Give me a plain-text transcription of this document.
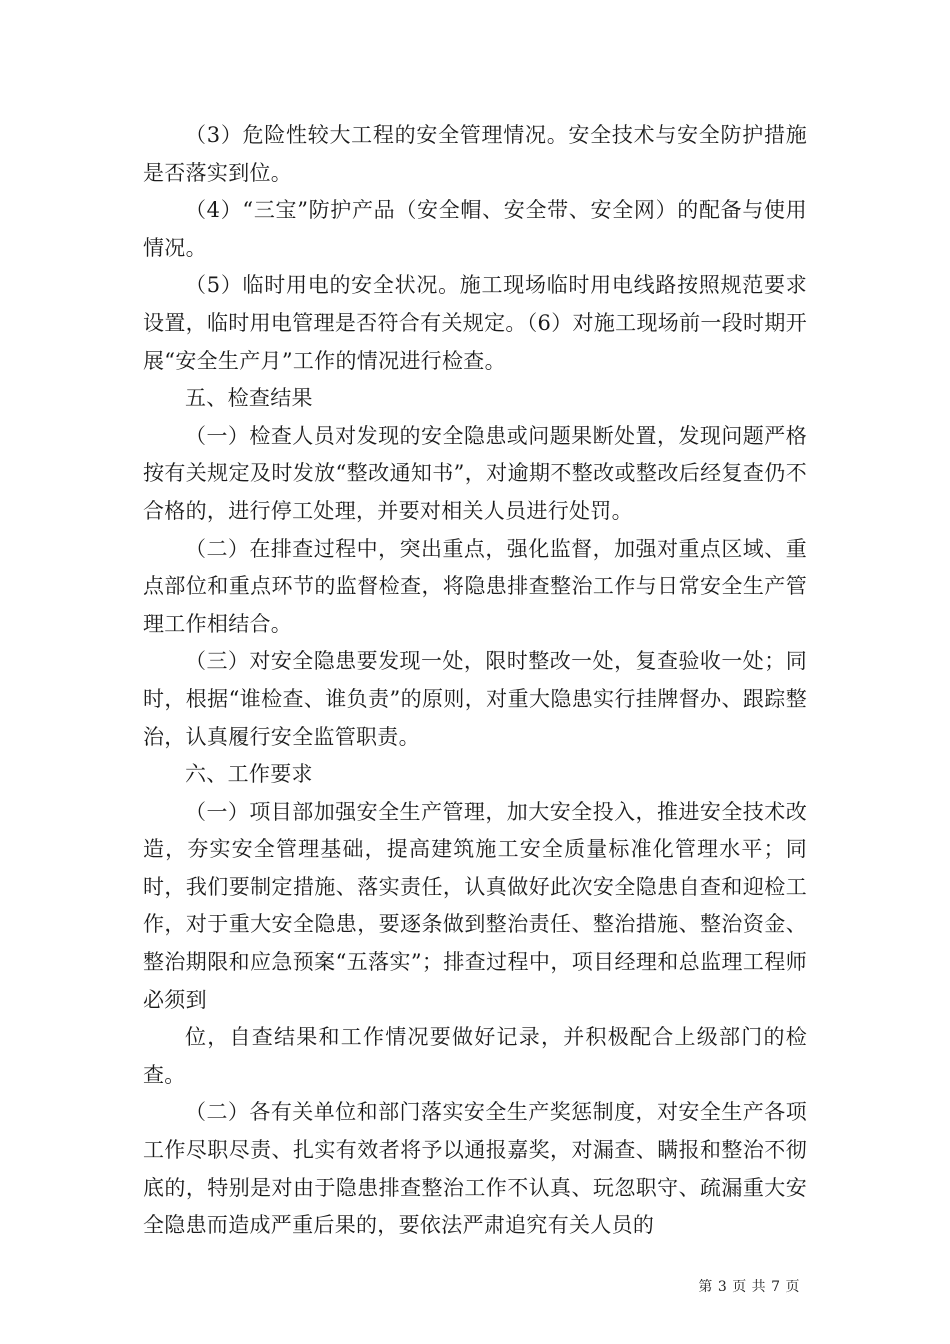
（3）危险性较大工程的安全管理情况。安全技术与安全防护措施是否落实到位。

（4）“三宝”防护产品（安全帽、安全带、安全网）的配备与使用情况。

（5）临时用电的安全状况。施工现场临时用电线路按照规范要求设置，临时用电管理是否符合有关规定。（6）对施工现场前一段时期开展“安全生产月”工作的情况进行检查。

五、检查结果

（一）检查人员对发现的安全隐患或问题果断处置，发现问题严格按有关规定及时发放“整改通知书”，对逾期不整改或整改后经复查仍不合格的，进行停工处理，并要对相关人员进行处罚。

（二）在排查过程中，突出重点，强化监督，加强对重点区域、重点部位和重点环节的监督检查，将隐患排查整治工作与日常安全生产管理工作相结合。

（三）对安全隐患要发现一处，限时整改一处，复查验收一处；同时，根据“谁检查、谁负责”的原则，对重大隐患实行挂牌督办、跟踪整治，认真履行安全监管职责。

六、工作要求

（一）项目部加强安全生产管理，加大安全投入，推进安全技术改造，夯实安全管理基础，提高建筑施工安全质量标准化管理水平；同时，我们要制定措施、落实责任，认真做好此次安全隐患自查和迎检工作，对于重大安全隐患，要逐条做到整治责任、整治措施、整治资金、整治期限和应急预案“五落实”；排查过程中，项目经理和总监理工程师必须到

位，自查结果和工作情况要做好记录，并积极配合上级部门的检查。

（二）各有关单位和部门落实安全生产奖惩制度，对安全生产各项工作尽职尽责、扎实有效者将予以通报嘉奖，对漏查、瞒报和整治不彻底的，特别是对由于隐患排查整治工作不认真、玩忽职守、疏漏重大安全隐患而造成严重后果的，要依法严肃追究有关人员的

第 3 页 共 7 页
